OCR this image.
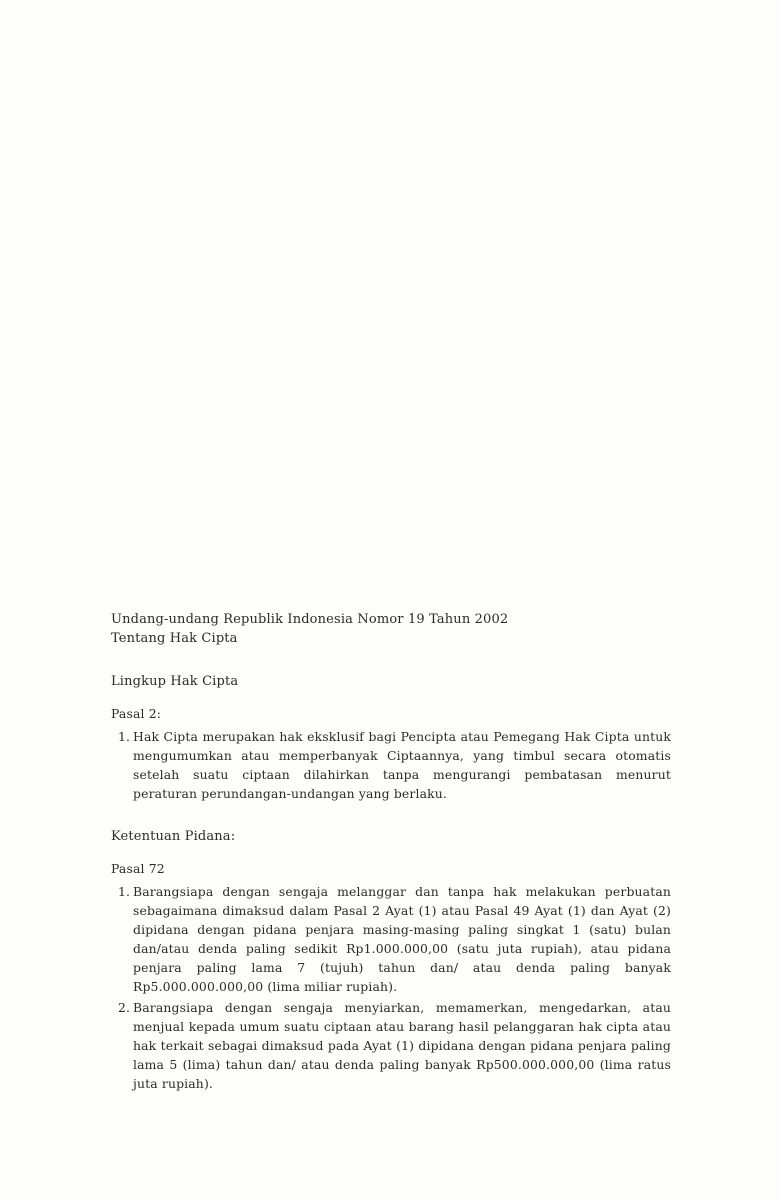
Undang-undang Republik Indonesia Nomor 19 Tahun 2002

Tentang Hak Cipta

Lingkup Hak Cipta

Pasal 2:

1. Hak Cipta merupakan hak eksklusif bagi Pencipta atau Pemegang Hak Cipta untuk mengumumkan atau memperbanyak Ciptaannya, yang timbul secara otomatis setelah suatu ciptaan dilahirkan tanpa mengurangi pembatasan menurut peraturan perundangan-undangan yang berlaku.

Ketentuan Pidana:

Pasal 72

1. Barangsiapa dengan sengaja melanggar dan tanpa hak melakukan perbuatan sebagaimana dimaksud dalam Pasal 2 Ayat (1) atau Pasal 49 Ayat (1) dan Ayat (2) dipidana dengan pidana penjara masing-masing paling singkat 1 (satu) bulan dan/atau denda paling sedikit Rp1.000.000,00 (satu juta rupiah), atau pidana penjara paling lama 7 (tujuh) tahun dan/ atau denda paling banyak Rp5.000.000.000,00 (lima miliar rupiah).
2. Barangsiapa dengan sengaja menyiarkan, memamerkan, mengedarkan, atau menjual kepada umum suatu ciptaan atau barang hasil pelanggaran hak cipta atau hak terkait sebagai dimaksud pada Ayat (1) dipidana dengan pidana penjara paling lama 5 (lima) tahun dan/ atau denda paling banyak Rp500.000.000,00 (lima ratus juta rupiah).
